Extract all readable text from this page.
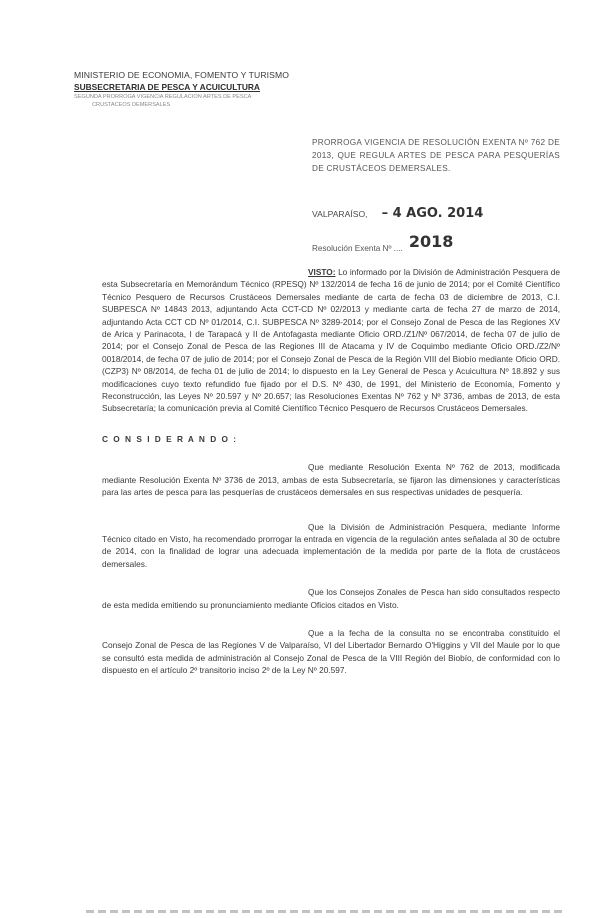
MINISTERIO DE ECONOMIA, FOMENTO Y TURISMO
SUBSECRETARIA DE PESCA Y ACUICULTURA
SEGUNDA PRORROGA VIGENCIA REGULACION ARTES DE PESCA
CRUSTACEOS DEMERSALES
PRORROGA VIGENCIA DE RESOLUCIÓN EXENTA Nº 762 DE 2013, QUE REGULA ARTES DE PESCA PARA PESQUERÍAS DE CRUSTÁCEOS DEMERSALES.
VALPARAÍSO, – 4 AGO. 2014
Resolución Exenta Nº .... 2018

VISTO: Lo informado por la División de Administración Pesquera de esta Subsecretaría en Memorándum Técnico (RPESQ) Nº 132/2014 de fecha 16 de junio de 2014; por el Comité Científico Técnico Pesquero de Recursos Crustáceos Demersales mediante de carta de fecha 03 de diciembre de 2013, C.I. SUBPESCA Nº 14843 2013, adjuntando Acta CCT-CD Nº 02/2013 y mediante carta de fecha 27 de marzo de 2014, adjuntando Acta CCT CD Nº 01/2014, C.I. SUBPESCA Nº 3289-2014; por el Consejo Zonal de Pesca de las Regiones XV de Arica y Parinacota, I de Tarapacá y II de Antofagasta mediante Oficio ORD./Z1/Nº 067/2014, de fecha 07 de julio de 2014; por el Consejo Zonal de Pesca de las Regiones III de Atacama y IV de Coquimbo mediante Oficio ORD./Z2/Nº 0018/2014, de fecha 07 de julio de 2014; por el Consejo Zonal de Pesca de la Región VIII del Biobío mediante Oficio ORD. (CZP3) Nº 08/2014, de fecha 01 de julio de 2014; lo dispuesto en la Ley General de Pesca y Acuicultura Nº 18.892 y sus modificaciones cuyo texto refundido fue fijado por el D.S. Nº 430, de 1991, del Ministerio de Economía, Fomento y Reconstrucción, las Leyes Nº 20.597 y Nº 20.657; las Resoluciones Exentas Nº 762 y Nº 3736, ambas de 2013, de esta Subsecretaría; la comunicación previa al Comité Científico Técnico Pesquero de Recursos Crustáceos Demersales.

C O N S I D E R A N D O :

Que mediante Resolución Exenta Nº 762 de 2013, modificada mediante Resolución Exenta Nº 3736 de 2013, ambas de esta Subsecretaría, se fijaron las dimensiones y características para las artes de pesca para las pesquerías de crustáceos demersales en sus respectivas unidades de pesquería.

Que la División de Administración Pesquera, mediante Informe Técnico citado en Visto, ha recomendado prorrogar la entrada en vigencia de la regulación antes señalada al 30 de octubre de 2014, con la finalidad de lograr una adecuada implementación de la medida por parte de la flota de crustáceos demersales.

Que los Consejos Zonales de Pesca han sido consultados respecto de esta medida emitiendo su pronunciamiento mediante Oficios citados en Visto.

Que a la fecha de la consulta no se encontraba constituido el Consejo Zonal de Pesca de las Regiones V de Valparaíso, VI del Libertador Bernardo O'Higgins y VII del Maule por lo que se consultó esta medida de administración al Consejo Zonal de Pesca de la VIII Región del Biobío, de conformidad con lo dispuesto en el artículo 2º transitorio inciso 2º de la Ley Nº 20.597.
